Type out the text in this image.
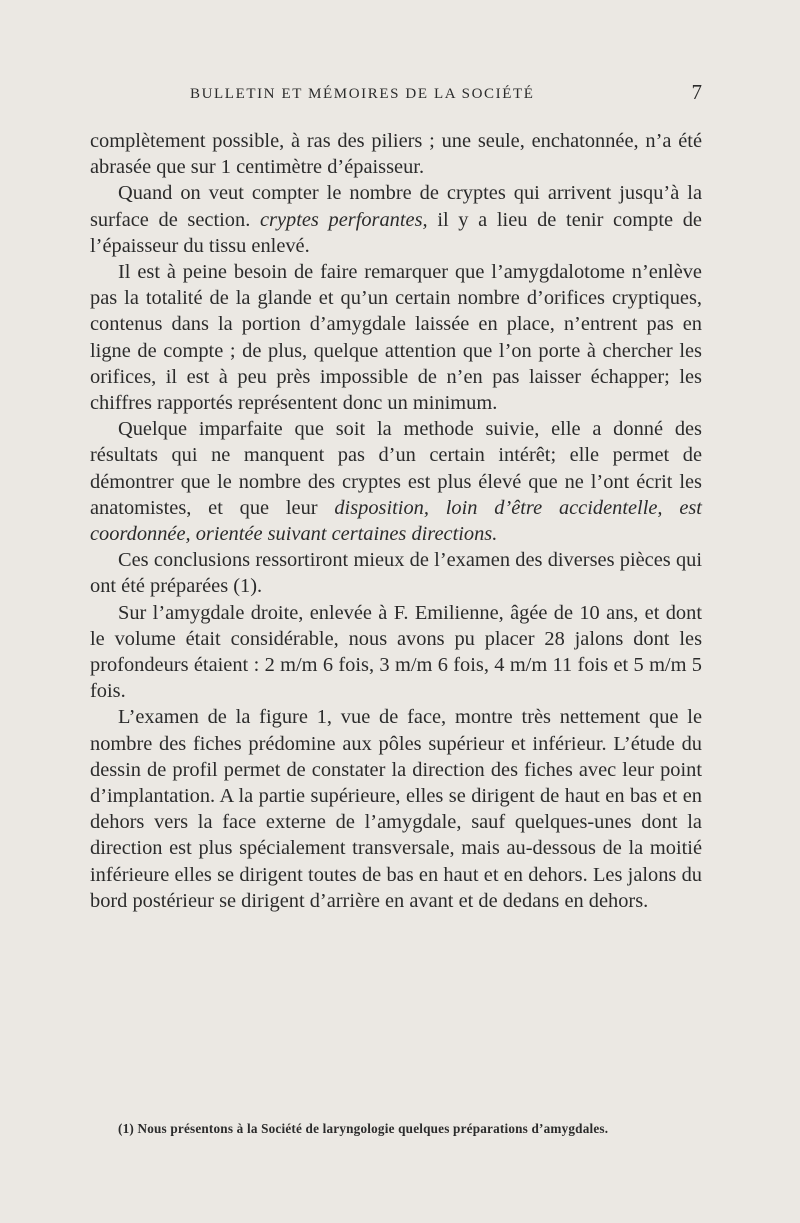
BULLETIN ET MÉMOIRES DE LA SOCIÉTÉ	7

complètement possible, à ras des piliers ; une seule, enchatonnée, n’a été abrasée que sur 1 centimètre d’épaisseur.

Quand on veut compter le nombre de cryptes qui arrivent jusqu’à la surface de section. cryptes perforantes, il y a lieu de tenir compte de l’épaisseur du tissu enlevé.

Il est à peine besoin de faire remarquer que l’amygdalotome n’enlève pas la totalité de la glande et qu’un certain nombre d’orifices cryptiques, contenus dans la portion d’amygdale laissée en place, n’entrent pas en ligne de compte ; de plus, quelque attention que l’on porte à chercher les orifices, il est à peu près impossible de n’en pas laisser échapper; les chiffres rapportés représentent donc un minimum.

Quelque imparfaite que soit la methode suivie, elle a donné des résultats qui ne manquent pas d’un certain intérêt; elle permet de démontrer que le nombre des cryptes est plus élevé que ne l’ont écrit les anatomistes, et que leur disposition, loin d’être accidentelle, est coordonnée, orientée suivant certaines directions.

Ces conclusions ressortiront mieux de l’examen des diverses pièces qui ont été préparées (1).

Sur l’amygdale droite, enlevée à F. Emilienne, âgée de 10 ans, et dont le volume était considérable, nous avons pu placer 28 jalons dont les profondeurs étaient : 2 m/m 6 fois, 3 m/m 6 fois, 4 m/m 11 fois et 5 m/m 5 fois.

L’examen de la figure 1, vue de face, montre très nettement que le nombre des fiches prédomine aux pôles supérieur et inférieur. L’étude du dessin de profil permet de constater la direction des fiches avec leur point d’implantation. A la partie supérieure, elles se dirigent de haut en bas et en dehors vers la face externe de l’amygdale, sauf quelques-unes dont la direction est plus spécialement transversale, mais au-dessous de la moitié inférieure elles se dirigent toutes de bas en haut et en dehors. Les jalons du bord postérieur se dirigent d’arrière en avant et de dedans en dehors.

(1) Nous présentons à la Société de laryngologie quelques préparations d’amygdales.
